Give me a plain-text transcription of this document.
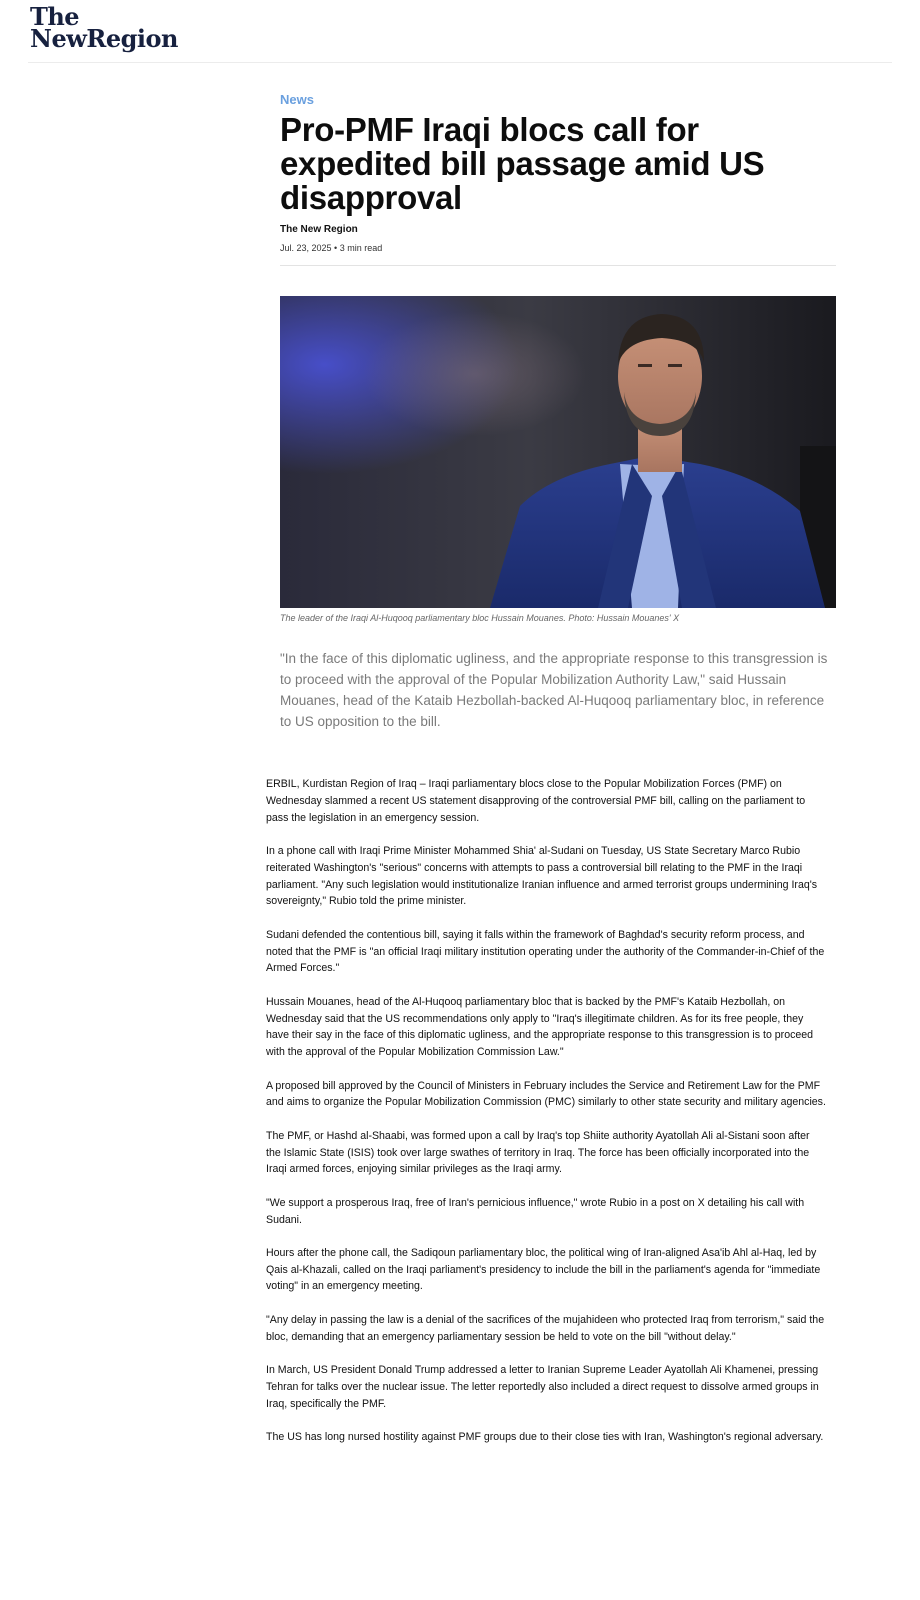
The
NewRegion
News
Pro-PMF Iraqi blocs call for expedited bill passage amid US disapproval
The New Region
Jul. 23, 2025 • 3 min read
The leader of the Iraqi Al-Huqooq parliamentary bloc Hussain Mouanes. Photo: Hussain Mouanes' X
"In the face of this diplomatic ugliness, and the appropriate response to this transgression is to proceed with the approval of the Popular Mobilization Authority Law," said Hussain Mouanes, head of the Kataib Hezbollah-backed Al-Huqooq parliamentary bloc, in reference to US opposition to the bill.

ERBIL, Kurdistan Region of Iraq – Iraqi parliamentary blocs close to the Popular Mobilization Forces (PMF) on Wednesday slammed a recent US statement disapproving of the controversial PMF bill, calling on the parliament to pass the legislation in an emergency session.

In a phone call with Iraqi Prime Minister Mohammed Shia' al-Sudani on Tuesday, US State Secretary Marco Rubio reiterated Washington's "serious" concerns with attempts to pass a controversial bill relating to the PMF in the Iraqi parliament. "Any such legislation would institutionalize Iranian influence and armed terrorist groups undermining Iraq's sovereignty," Rubio told the prime minister.

Sudani defended the contentious bill, saying it falls within the framework of Baghdad's security reform process, and noted that the PMF is "an official Iraqi military institution operating under the authority of the Commander-in-Chief of the Armed Forces."

Hussain Mouanes, head of the Al-Huqooq parliamentary bloc that is backed by the PMF's Kataib Hezbollah, on Wednesday said that the US recommendations only apply to "Iraq's illegitimate children. As for its free people, they have their say in the face of this diplomatic ugliness, and the appropriate response to this transgression is to proceed with the approval of the Popular Mobilization Commission Law."

A proposed bill approved by the Council of Ministers in February includes the Service and Retirement Law for the PMF and aims to organize the Popular Mobilization Commission (PMC) similarly to other state security and military agencies.

The PMF, or Hashd al-Shaabi, was formed upon a call by Iraq's top Shiite authority Ayatollah Ali al-Sistani soon after the Islamic State (ISIS) took over large swathes of territory in Iraq. The force has been officially incorporated into the Iraqi armed forces, enjoying similar privileges as the Iraqi army.

"We support a prosperous Iraq, free of Iran's pernicious influence," wrote Rubio in a post on X detailing his call with Sudani.

Hours after the phone call, the Sadiqoun parliamentary bloc, the political wing of Iran-aligned Asa'ib Ahl al-Haq, led by Qais al-Khazali, called on the Iraqi parliament's presidency to include the bill in the parliament's agenda for "immediate voting" in an emergency meeting.

"Any delay in passing the law is a denial of the sacrifices of the mujahideen who protected Iraq from terrorism," said the bloc, demanding that an emergency parliamentary session be held to vote on the bill "without delay."

In March, US President Donald Trump addressed a letter to Iranian Supreme Leader Ayatollah Ali Khamenei, pressing Tehran for talks over the nuclear issue. The letter reportedly also included a direct request to dissolve armed groups in Iraq, specifically the PMF.

The US has long nursed hostility against PMF groups due to their close ties with Iran, Washington's regional adversary.
